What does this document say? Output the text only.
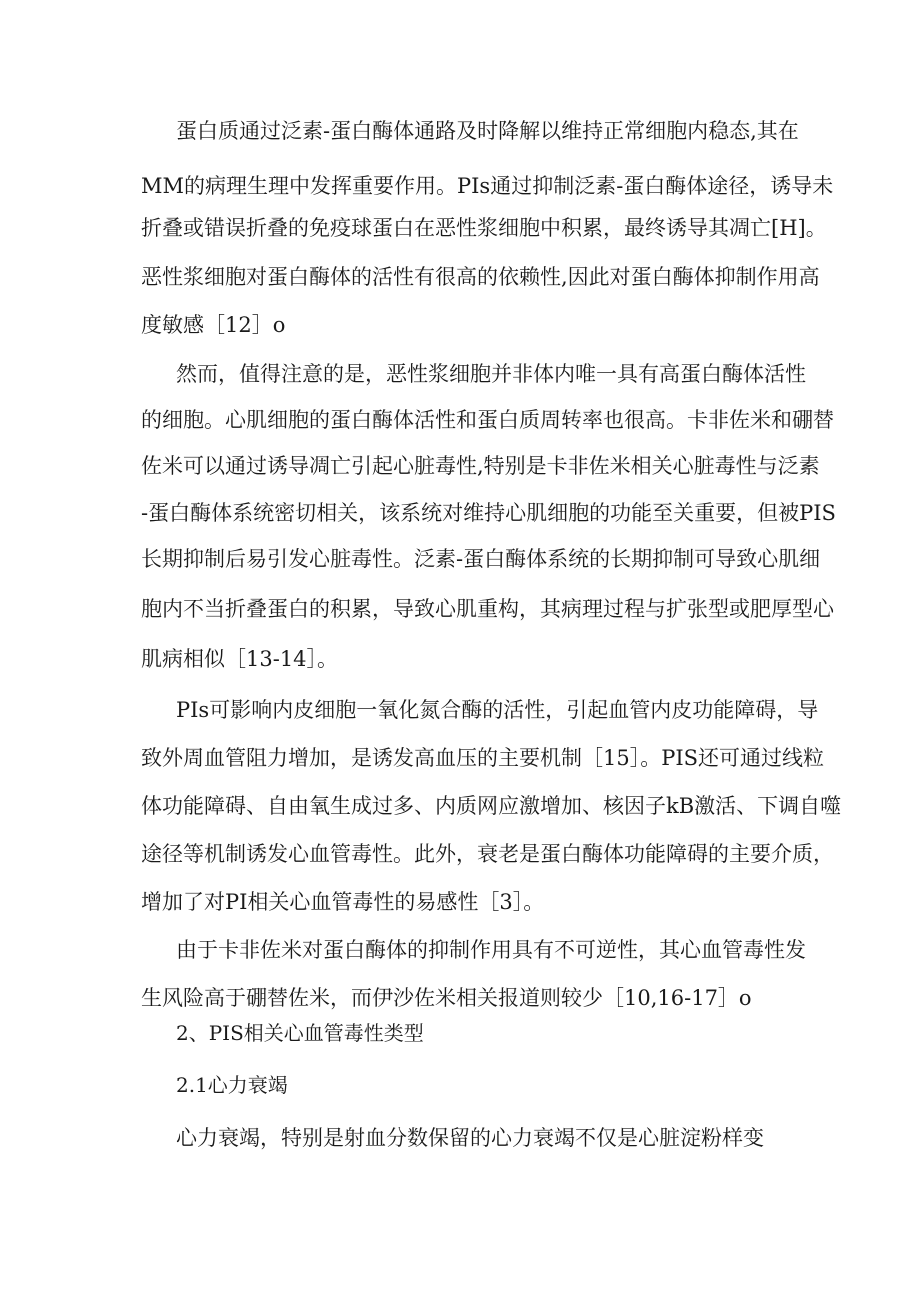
蛋白质通过泛素-蛋白酶体通路及时降解以维持正常细胞内稳态,其在
MM的病理生理中发挥重要作用。PIs通过抑制泛素-蛋白酶体途径，诱导未
折叠或错误折叠的免疫球蛋白在恶性浆细胞中积累，最终诱导其凋亡[H]。
恶性浆细胞对蛋白酶体的活性有很高的依赖性,因此对蛋白酶体抑制作用高
度敏感［12］o
然而，值得注意的是，恶性浆细胞并非体内唯一具有高蛋白酶体活性
的细胞。心肌细胞的蛋白酶体活性和蛋白质周转率也很高。卡非佐米和硼替
佐米可以通过诱导凋亡引起心脏毒性,特别是卡非佐米相关心脏毒性与泛素
-蛋白酶体系统密切相关，该系统对维持心肌细胞的功能至关重要，但被PIS
长期抑制后易引发心脏毒性。泛素-蛋白酶体系统的长期抑制可导致心肌细
胞内不当折叠蛋白的积累，导致心肌重构，其病理过程与扩张型或肥厚型心
肌病相似［13-14］。
PIs可影响内皮细胞一氧化氮合酶的活性，引起血管内皮功能障碍，导
致外周血管阻力增加，是诱发高血压的主要机制［15］。PIS还可通过线粒
体功能障碍、自由氧生成过多、内质网应激增加、核因子kB激活、下调自噬
途径等机制诱发心血管毒性。此外，衰老是蛋白酶体功能障碍的主要介质，
增加了对PI相关心血管毒性的易感性［3］。
由于卡非佐米对蛋白酶体的抑制作用具有不可逆性，其心血管毒性发
生风险高于硼替佐米，而伊沙佐米相关报道则较少［10,16-17］o
2、PIS相关心血管毒性类型
2.1心力衰竭
心力衰竭，特别是射血分数保留的心力衰竭不仅是心脏淀粉样变
